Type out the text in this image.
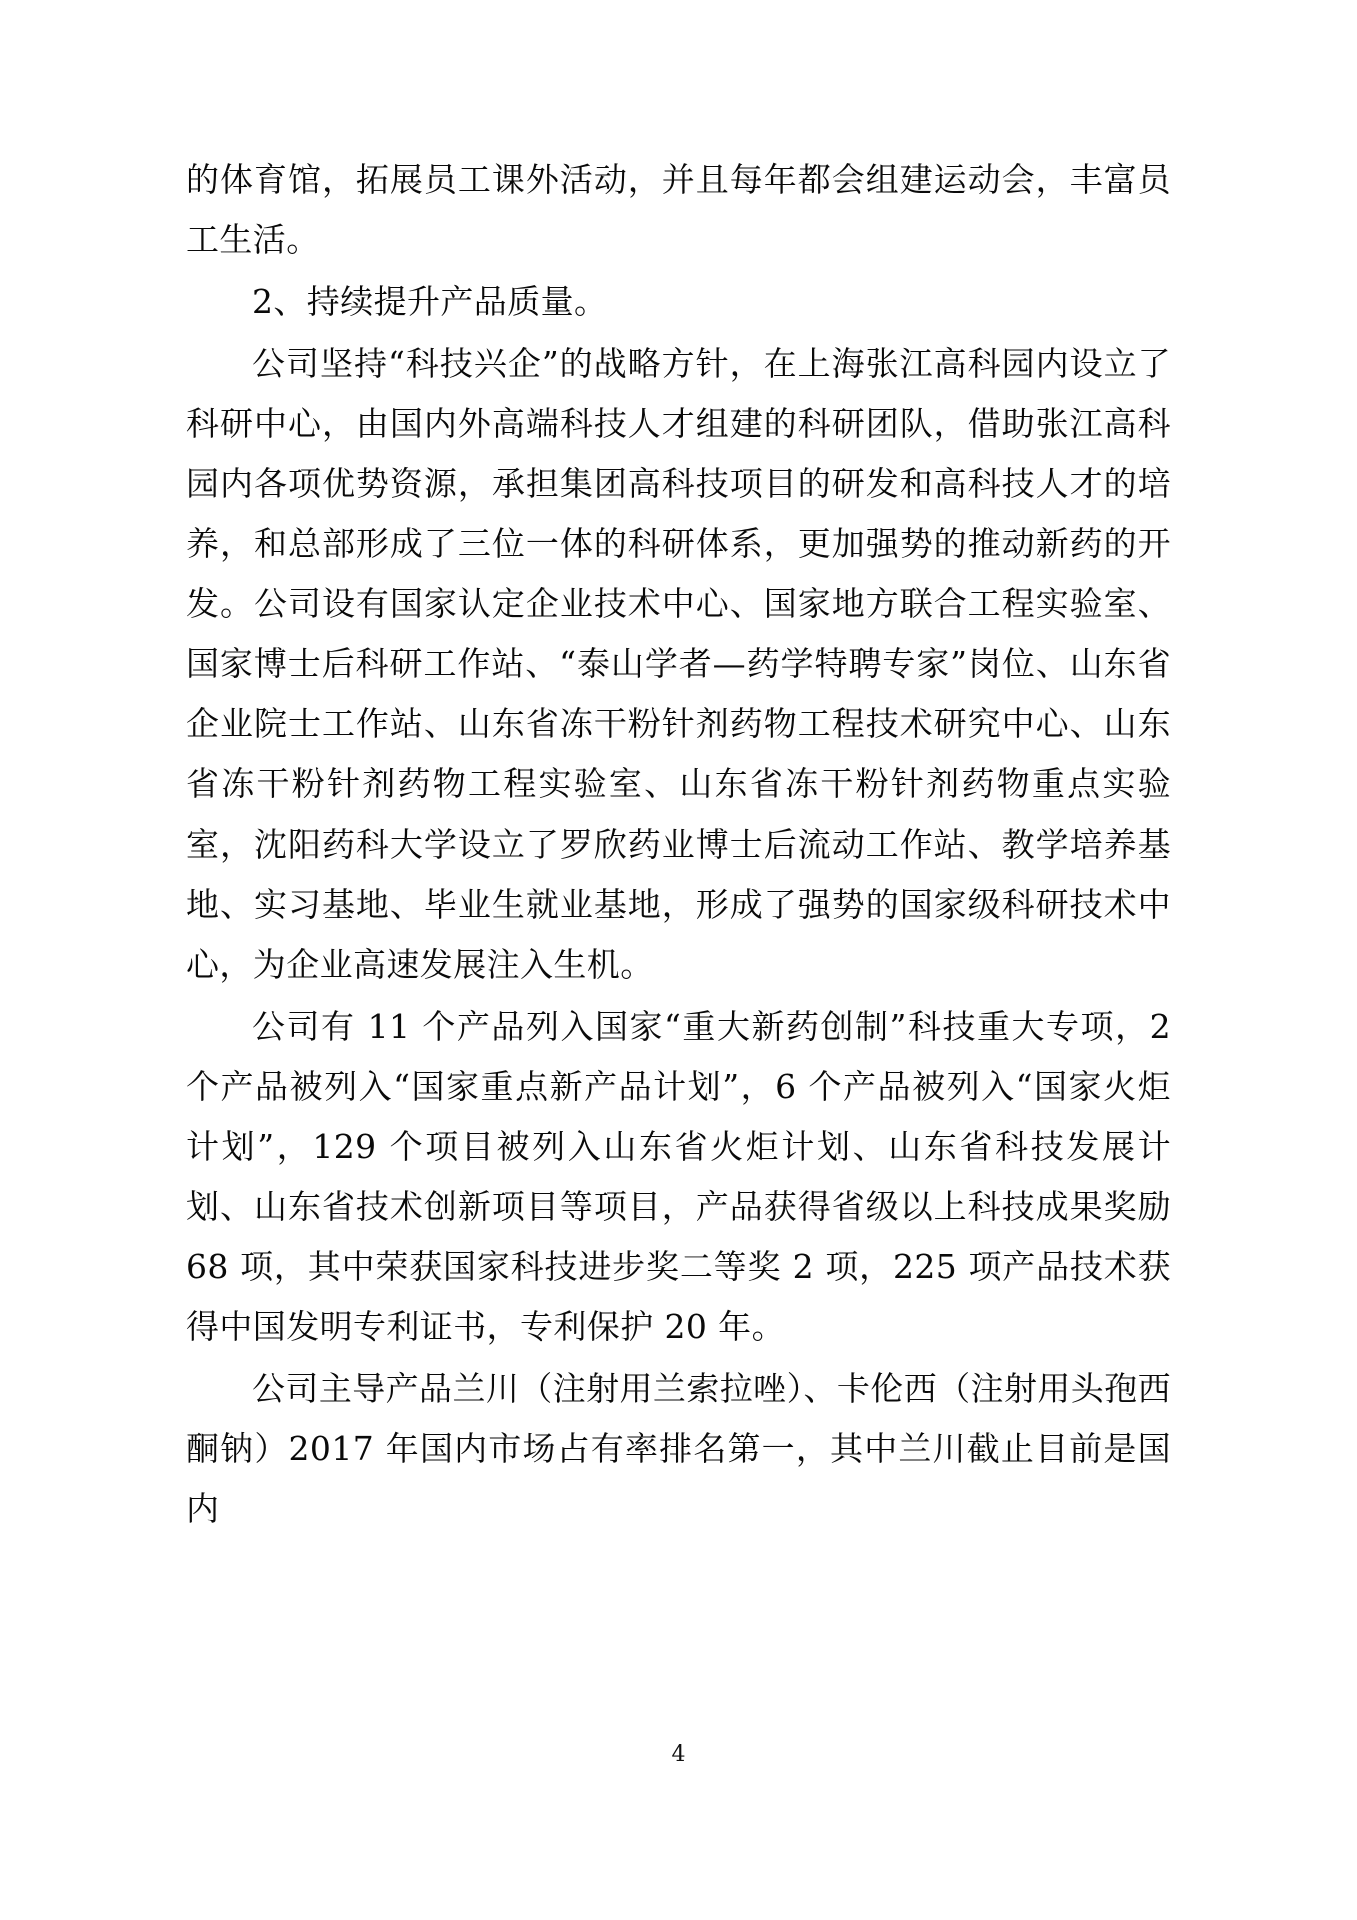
的体育馆，拓展员工课外活动，并且每年都会组建运动会，丰富员工生活。

2、持续提升产品质量。

公司坚持“科技兴企”的战略方针，在上海张江高科园内设立了科研中心，由国内外高端科技人才组建的科研团队，借助张江高科园内各项优势资源，承担集团高科技项目的研发和高科技人才的培养，和总部形成了三位一体的科研体系，更加强势的推动新药的开发。公司设有国家认定企业技术中心、国家地方联合工程实验室、国家博士后科研工作站、“泰山学者—药学特聘专家”岗位、山东省企业院士工作站、山东省冻干粉针剂药物工程技术研究中心、山东省冻干粉针剂药物工程实验室、山东省冻干粉针剂药物重点实验室，沈阳药科大学设立了罗欣药业博士后流动工作站、教学培养基地、实习基地、毕业生就业基地，形成了强势的国家级科研技术中心，为企业高速发展注入生机。

公司有 11 个产品列入国家“重大新药创制”科技重大专项，2 个产品被列入“国家重点新产品计划”，6 个产品被列入“国家火炬计划”，129 个项目被列入山东省火炬计划、山东省科技发展计划、山东省技术创新项目等项目，产品获得省级以上科技成果奖励 68 项，其中荣获国家科技进步奖二等奖 2 项，225 项产品技术获得中国发明专利证书，专利保护 20 年。

公司主导产品兰川（注射用兰索拉唑）、卡伦西（注射用头孢西酮钠）2017 年国内市场占有率排名第一，其中兰川截止目前是国内

4
